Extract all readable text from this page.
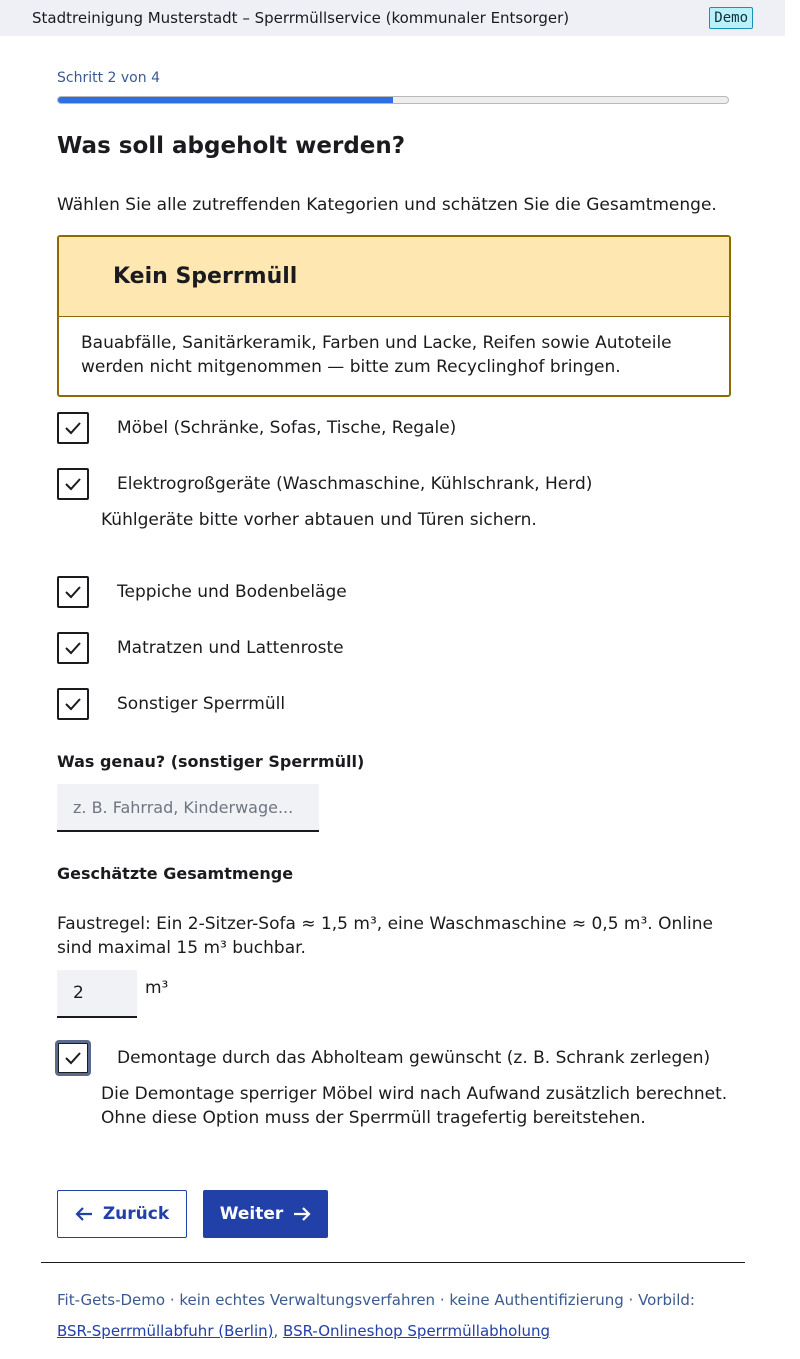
Stadtreinigung Musterstadt – Sperrmüllservice (kommunaler Entsorger)	Demo
Schritt 2 von 4
Was soll abgeholt werden?
Wählen Sie alle zutreffenden Kategorien und schätzen Sie die Gesamtmenge.
Kein Sperrmüll
Bauabfälle, Sanitärkeramik, Farben und Lacke, Reifen sowie Autoteile werden nicht mitgenommen — bitte zum Recyclinghof bringen.
Möbel (Schränke, Sofas, Tische, Regale)
Elektrogroßgeräte (Waschmaschine, Kühlschrank, Herd)
Kühlgeräte bitte vorher abtauen und Türen sichern.
Teppiche und Bodenbeläge
Matratzen und Lattenroste
Sonstiger Sperrmüll
Was genau? (sonstiger Sperrmüll)
z. B. Fahrrad, Kinderwage...
Geschätzte Gesamtmenge
Faustregel: Ein 2-Sitzer-Sofa ≈ 1,5 m³, eine Waschmaschine ≈ 0,5 m³. Online sind maximal 15 m³ buchbar.
2
m³
Demontage durch das Abholteam gewünscht (z. B. Schrank zerlegen)
Die Demontage sperriger Möbel wird nach Aufwand zusätzlich berechnet. Ohne diese Option muss der Sperrmüll tragefertig bereitstehen.
Zurück	Weiter
Fit-Gets-Demo · kein echtes Verwaltungsverfahren · keine Authentifizierung · Vorbild:
BSR-Sperrmüllabfuhr (Berlin), BSR-Onlineshop Sperrmüllabholung
